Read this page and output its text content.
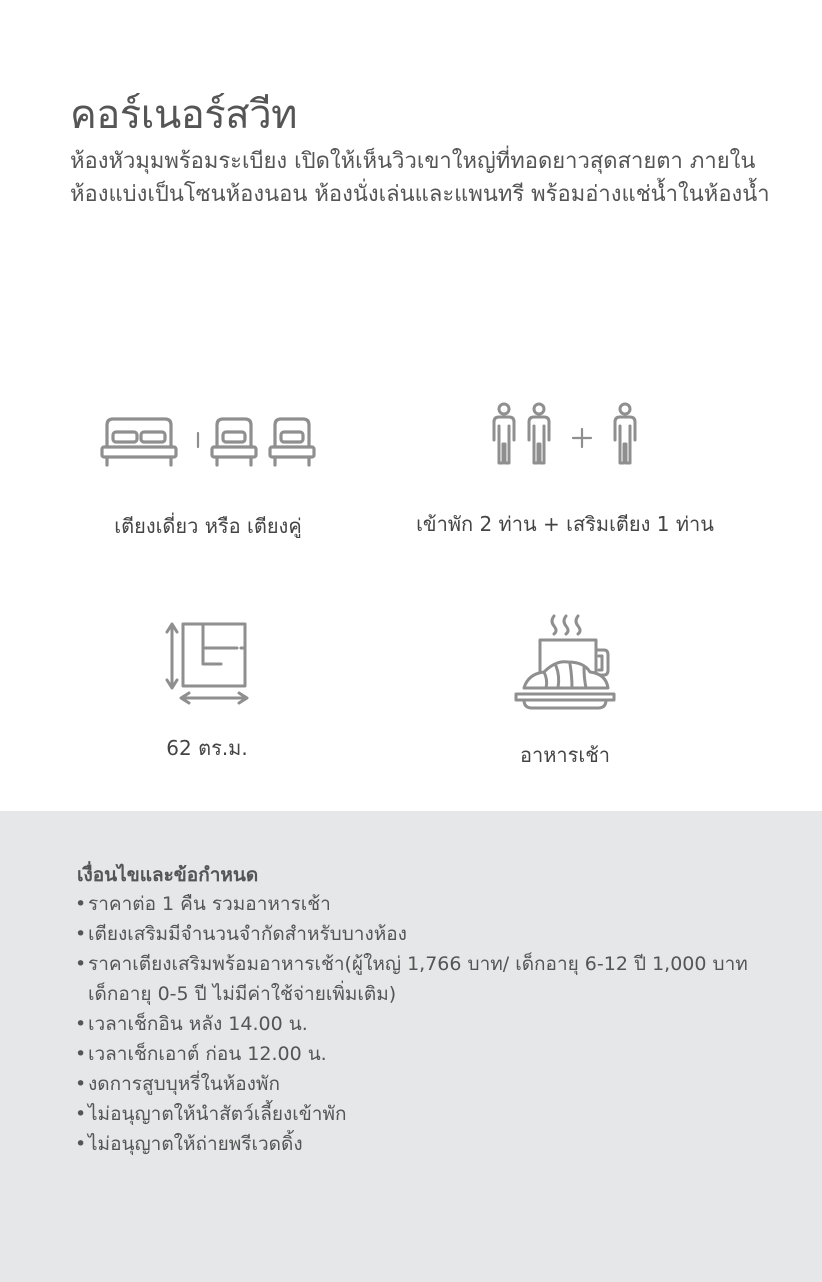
คอร์เนอร์สวีท

ห้องหัวมุมพร้อมระเบียง เปิดให้เห็นวิวเขาใหญ่ที่ทอดยาวสุดสายตา ภายในห้องแบ่งเป็นโซนห้องนอน ห้องนั่งเล่นและแพนทรี พร้อมอ่างแช่น้ำในห้องน้ำ

เตียงเดี่ยว หรือ เตียงคู่	เข้าพัก 2 ท่าน + เสริมเตียง 1 ท่าน
62 ตร.ม.	อาหารเช้า
เงื่อนไขและข้อกำหนด
• ราคาต่อ 1 คืน รวมอาหารเช้า
• เตียงเสริมมีจำนวนจำกัดสำหรับบางห้อง
• ราคาเตียงเสริมพร้อมอาหารเช้า(ผู้ใหญ่ 1,766 บาท/ เด็กอายุ 6-12 ปี 1,000 บาท เด็กอายุ 0-5 ปี ไม่มีค่าใช้จ่ายเพิ่มเติม)
• เวลาเช็กอิน หลัง 14.00 น.
• เวลาเช็กเอาต์ ก่อน 12.00 น.
• งดการสูบบุหรี่ในห้องพัก
• ไม่อนุญาตให้นำสัตว์เลี้ยงเข้าพัก
• ไม่อนุญาตให้ถ่ายพรีเวดดิ้ง
